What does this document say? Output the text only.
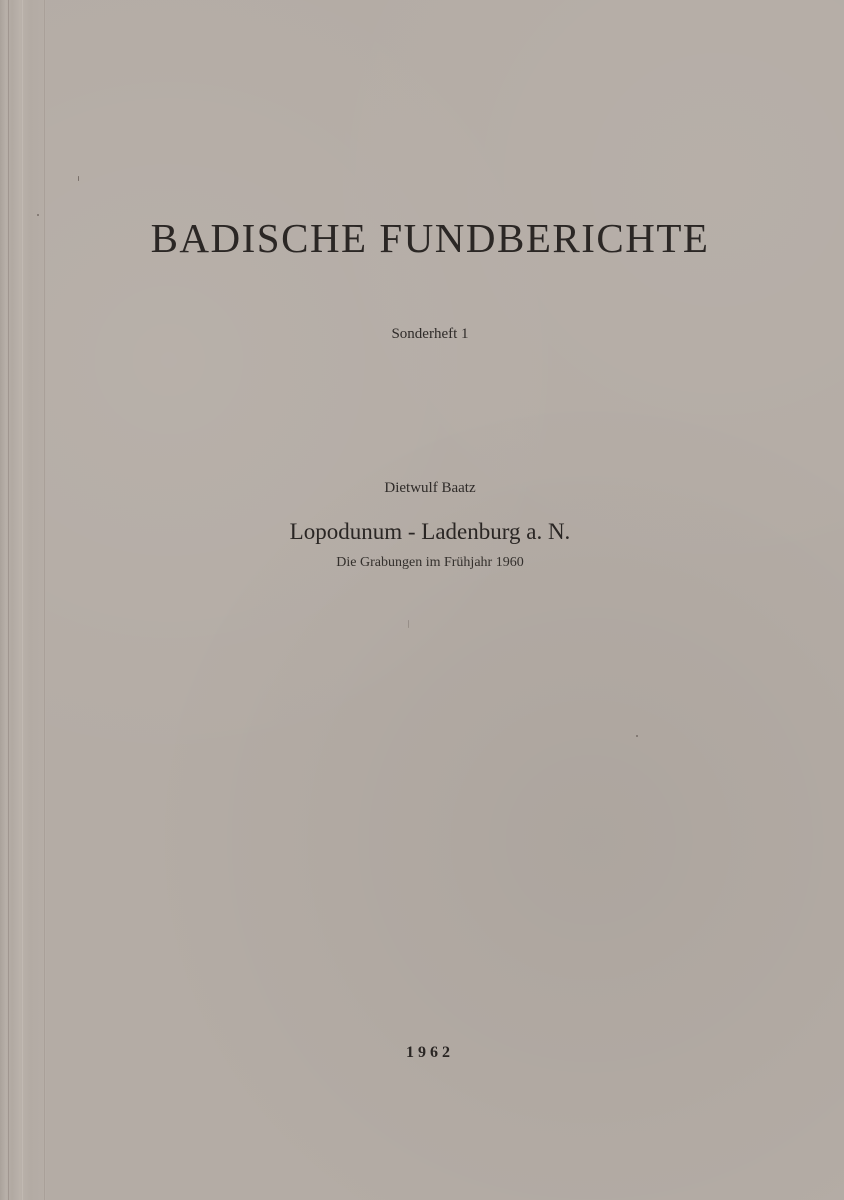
BADISCHE FUNDBERICHTE
Sonderheft 1
Dietwulf Baatz
Lopodunum - Ladenburg a. N.
Die Grabungen im Frühjahr 1960
1962
